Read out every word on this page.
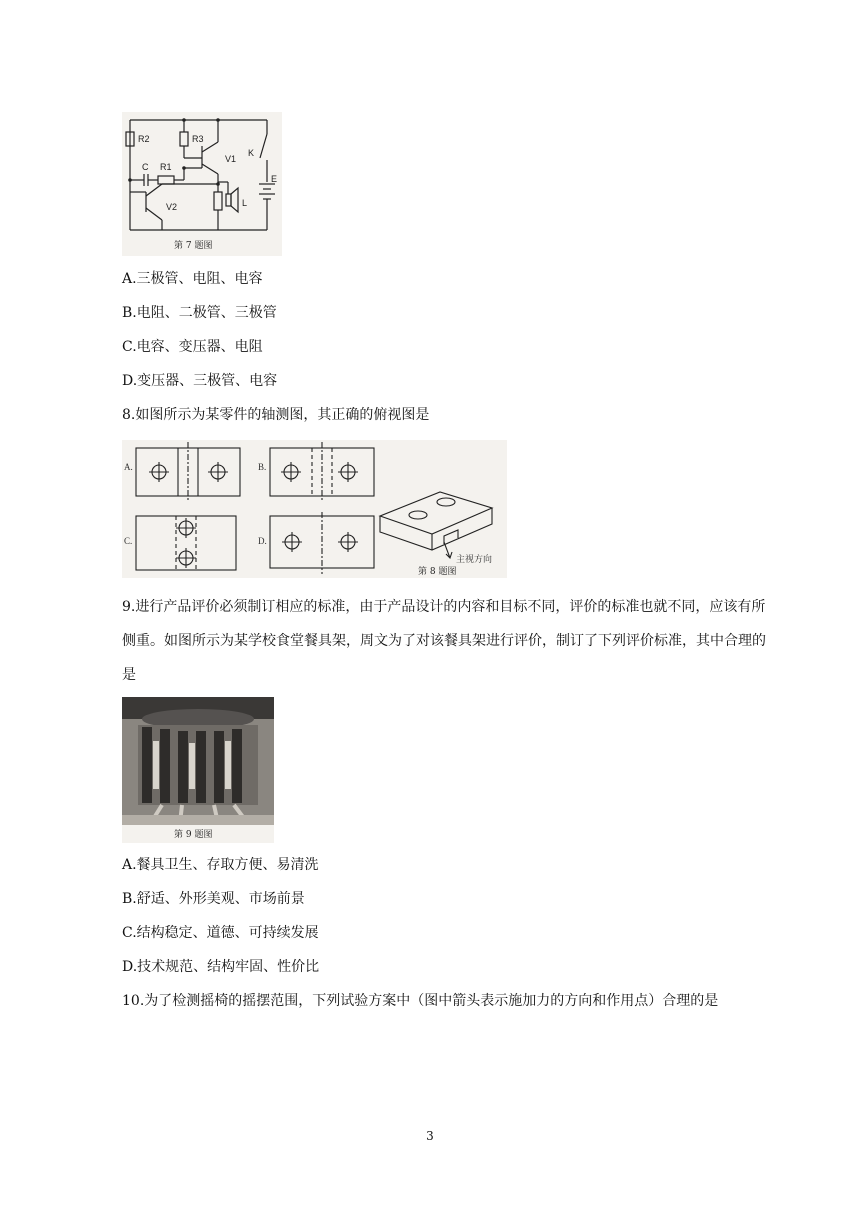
R2	R3
C R1
V1
V2	L
K
E
第 7 题图
A.三极管、电阻、电容
B.电阻、二极管、三极管
C.电容、变压器、电阻
D.变压器、三极管、电容
8.如图所示为某零件的轴测图，其正确的俯视图是
A.	B.
C.	D.
主视方向
第 8 题图
9.进行产品评价必须制订相应的标准，由于产品设计的内容和目标不同，评价的标准也就不同，应该有所侧重。如图所示为某学校食堂餐具架，周文为了对该餐具架进行评价，制订了下列评价标准，其中合理的是
第 9 题图
A.餐具卫生、存取方便、易清洗
B.舒适、外形美观、市场前景
C.结构稳定、道德、可持续发展
D.技术规范、结构牢固、性价比
10.为了检测摇椅的摇摆范围，下列试验方案中（图中箭头表示施加力的方向和作用点）合理的是
3
